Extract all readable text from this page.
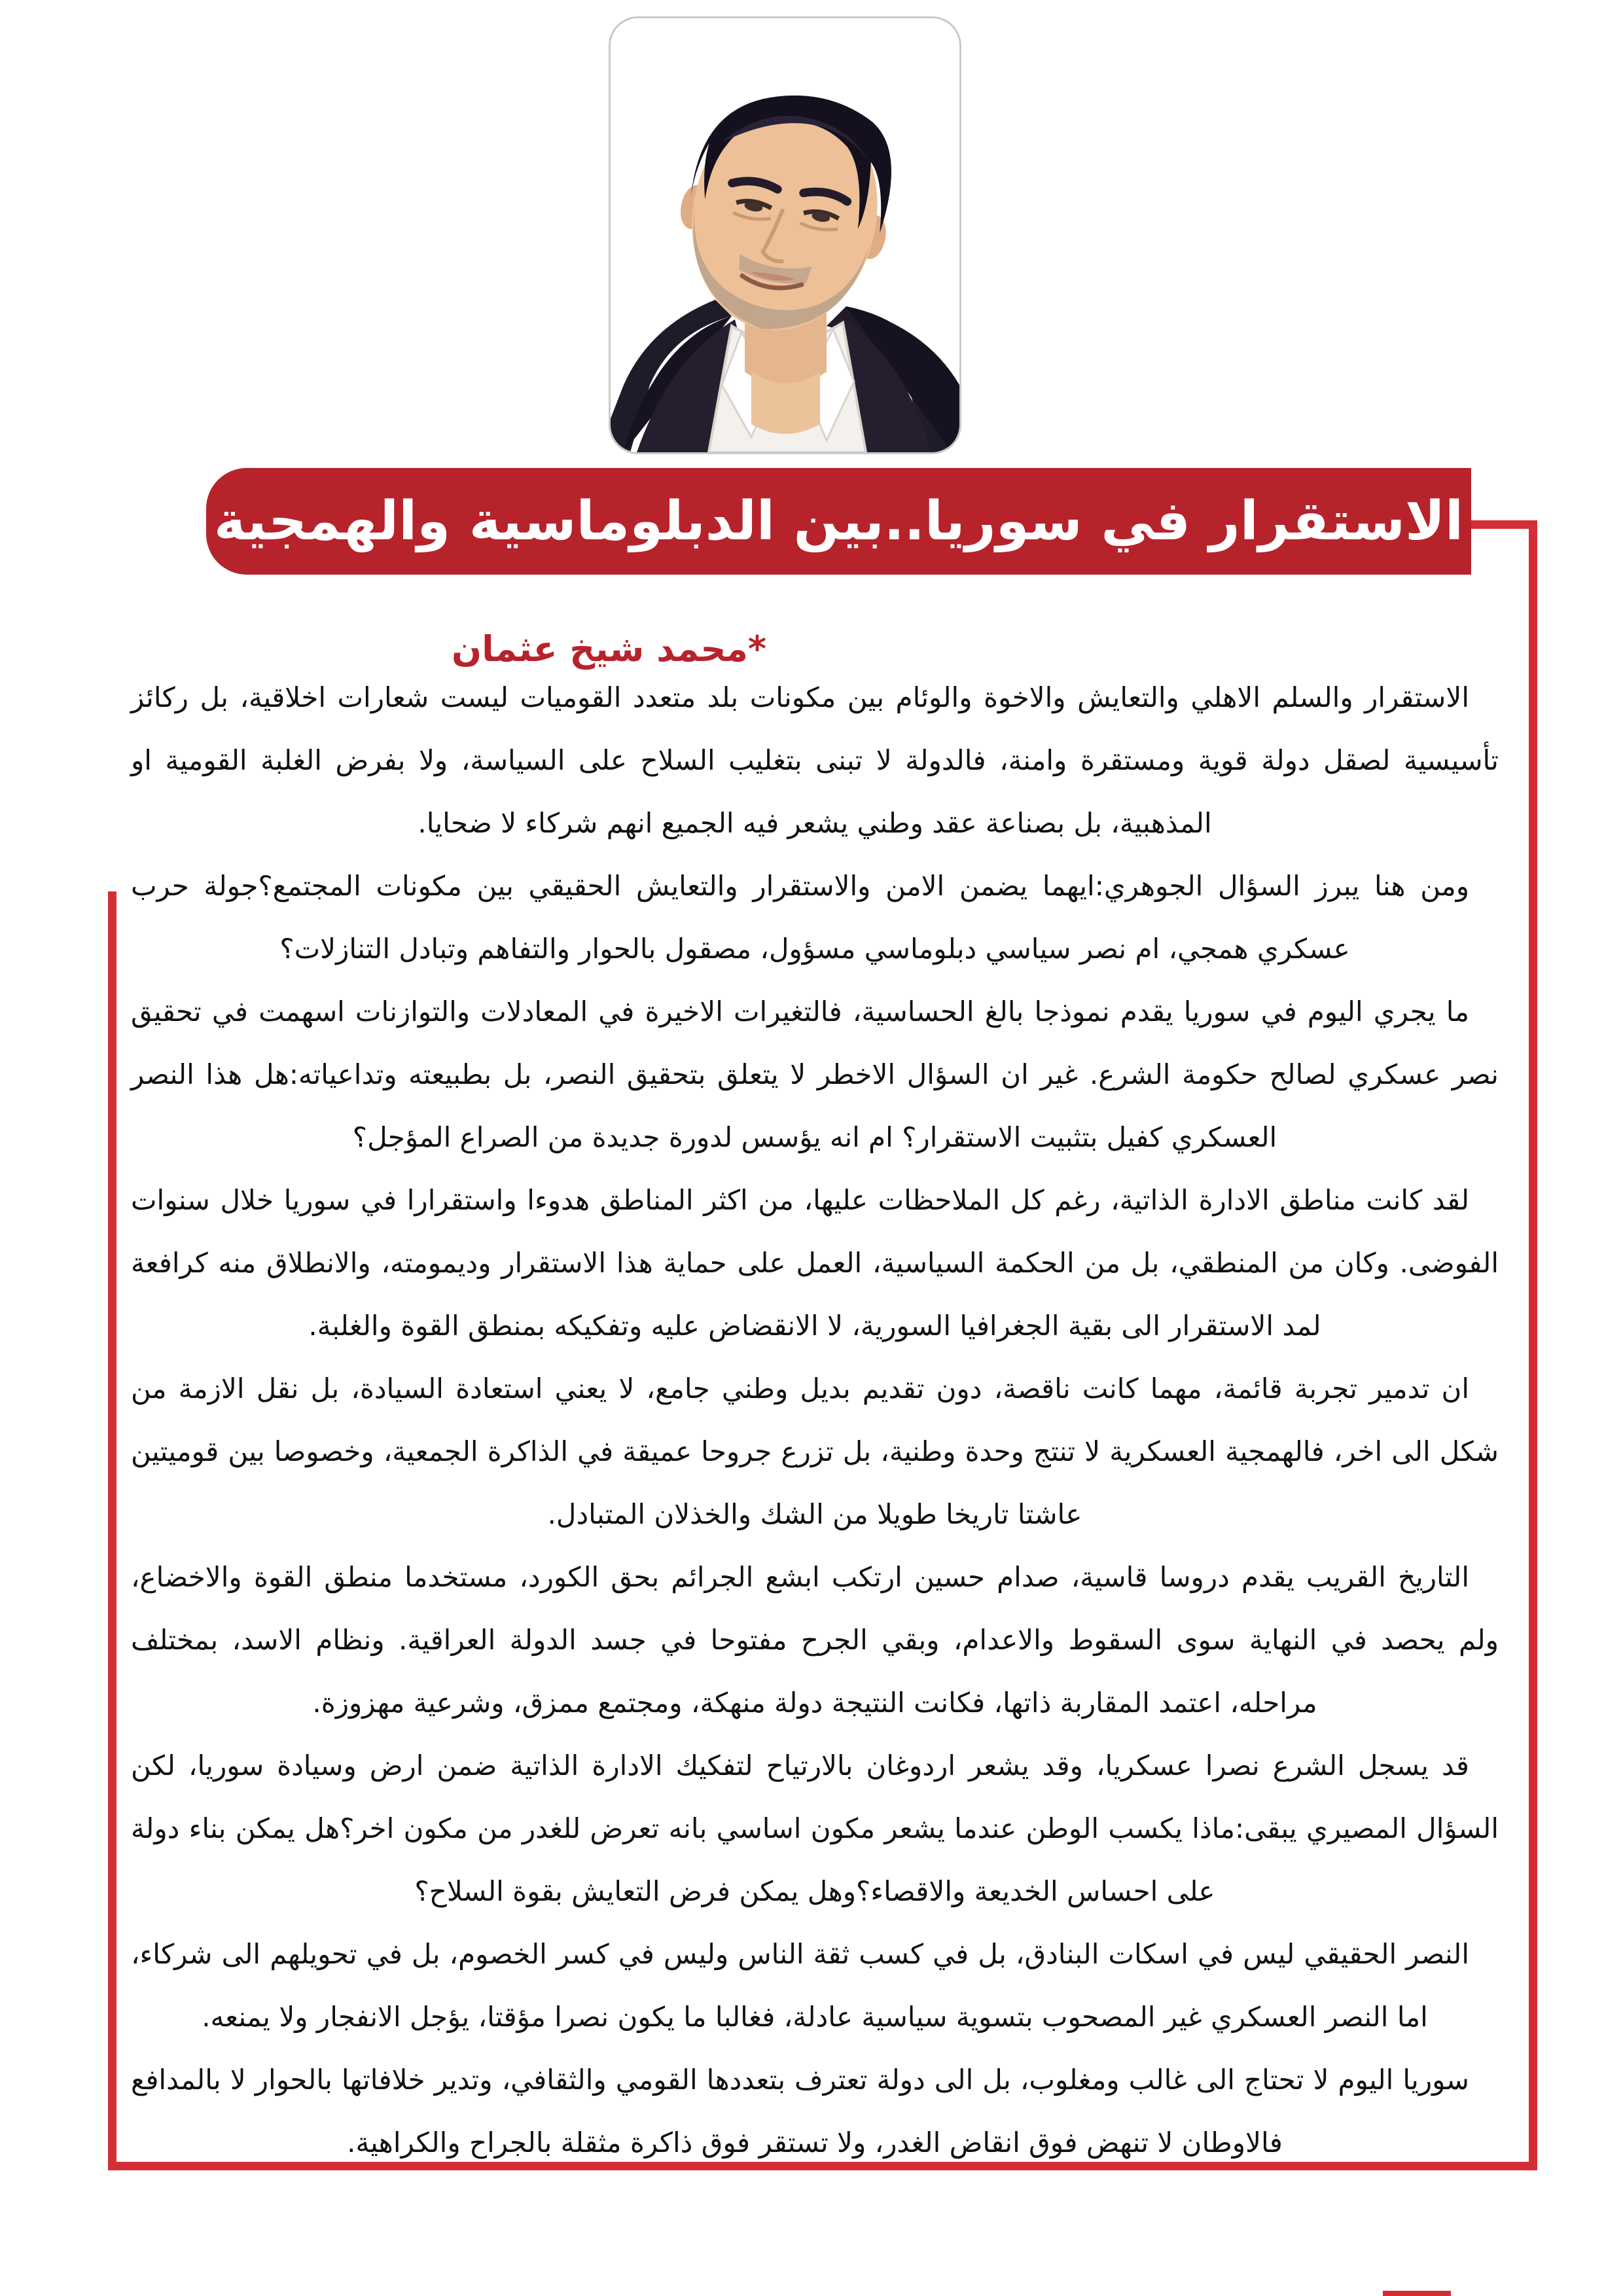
الاستقرار في سوريا..بين الدبلوماسية والهمجية
*محمد شيخ عثمان

الاستقرار والسلم الاهلي والتعايش والاخوة والوئام بين مكونات بلد متعدد القوميات ليست شعارات اخلاقية، بل ركائز تأسيسية لصقل دولة قوية ومستقرة وامنة، فالدولة لا تبنى بتغليب السلاح على السياسة، ولا بفرض الغلبة القومية او المذهبية، بل بصناعة عقد وطني يشعر فيه الجميع انهم شركاء لا ضحايا.

ومن هنا يبرز السؤال الجوهري:ايهما يضمن الامن والاستقرار والتعايش الحقيقي بين مكونات المجتمع؟جولة حرب عسكري همجي، ام نصر سياسي دبلوماسي مسؤول، مصقول بالحوار والتفاهم وتبادل التنازلات؟

ما يجري اليوم في سوريا يقدم نموذجا بالغ الحساسية، فالتغيرات الاخيرة في المعادلات والتوازنات اسهمت في تحقيق نصر عسكري لصالح حكومة الشرع. غير ان السؤال الاخطر لا يتعلق بتحقيق النصر، بل بطبيعته وتداعياته:هل هذا النصر العسكري كفيل بتثبيت الاستقرار؟ ام انه يؤسس لدورة جديدة من الصراع المؤجل؟

لقد كانت مناطق الادارة الذاتية، رغم كل الملاحظات عليها، من اكثر المناطق هدوءا واستقرارا في سوريا خلال سنوات الفوضى. وكان من المنطقي، بل من الحكمة السياسية، العمل على حماية هذا الاستقرار وديمومته، والانطلاق منه كرافعة لمد الاستقرار الى بقية الجغرافيا السورية، لا الانقضاض عليه وتفكيكه بمنطق القوة والغلبة.

ان تدمير تجربة قائمة، مهما كانت ناقصة، دون تقديم بديل وطني جامع، لا يعني استعادة السيادة، بل نقل الازمة من شكل الى اخر، فالهمجية العسكرية لا تنتج وحدة وطنية، بل تزرع جروحا عميقة في الذاكرة الجمعية، وخصوصا بين قوميتين عاشتا تاريخا طويلا من الشك والخذلان المتبادل.

التاريخ القريب يقدم دروسا قاسية، صدام حسين ارتكب ابشع الجرائم بحق الكورد، مستخدما منطق القوة والاخضاع، ولم يحصد في النهاية سوى السقوط والاعدام، وبقي الجرح مفتوحا في جسد الدولة العراقية. ونظام الاسد، بمختلف مراحله، اعتمد المقاربة ذاتها، فكانت النتيجة دولة منهكة، ومجتمع ممزق، وشرعية مهزوزة.

قد يسجل الشرع نصرا عسكريا، وقد يشعر اردوغان بالارتياح لتفكيك الادارة الذاتية ضمن ارض وسيادة سوريا، لكن السؤال المصيري يبقى:ماذا يكسب الوطن عندما يشعر مكون اساسي بانه تعرض للغدر من مكون اخر؟هل يمكن بناء دولة على احساس الخديعة والاقصاء؟وهل يمكن فرض التعايش بقوة السلاح؟

النصر الحقيقي ليس في اسكات البنادق، بل في كسب ثقة الناس وليس في كسر الخصوم، بل في تحويلهم الى شركاء، اما النصر العسكري غير المصحوب بتسوية سياسية عادلة، فغالبا ما يكون نصرا مؤقتا، يؤجل الانفجار ولا يمنعه.

سوريا اليوم لا تحتاج الى غالب ومغلوب، بل الى دولة تعترف بتعددها القومي والثقافي، وتدير خلافاتها بالحوار لا بالمدافع فالاوطان لا تنهض فوق انقاض الغدر، ولا تستقر فوق ذاكرة مثقلة بالجراح والكراهية.
